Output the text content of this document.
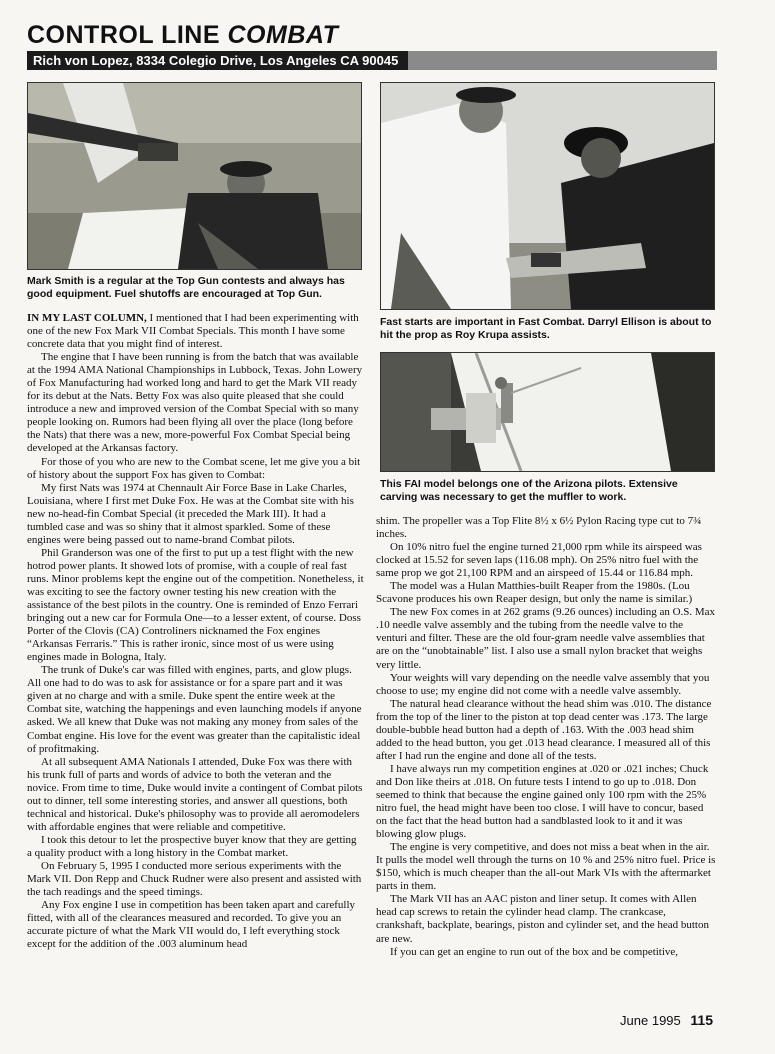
CONTROL LINE COMBAT
Rich von Lopez, 8334 Colegio Drive, Los Angeles CA 90045
Mark Smith is a regular at the Top Gun contests and always has good equipment. Fuel shutoffs are encouraged at Top Gun.
Fast starts are important in Fast Combat. Darryl Ellison is about to hit the prop as Roy Krupa assists.
This FAI model belongs one of the Arizona pilots. Extensive carving was necessary to get the muffler to work.

IN MY LAST COLUMN, I mentioned that I had been experimenting with one of the new Fox Mark VII Combat Specials. This month I have some concrete data that you might find of interest.

The engine that I have been running is from the batch that was available at the 1994 AMA National Championships in Lubbock, Texas. John Lowery of Fox Manufacturing had worked long and hard to get the Mark VII ready for its debut at the Nats. Betty Fox was also quite pleased that she could introduce a new and improved version of the Combat Special with so many people looking on. Rumors had been flying all over the place (long before the Nats) that there was a new, more-powerful Fox Combat Special being developed at the Arkansas factory.

For those of you who are new to the Combat scene, let me give you a bit of history about the support Fox has given to Combat:

My first Nats was 1974 at Chennault Air Force Base in Lake Charles, Louisiana, where I first met Duke Fox. He was at the Combat site with his new no-head-fin Combat Special (it preceded the Mark III). It had a tumbled case and was so shiny that it almost sparkled. Some of these engines were being passed out to name-brand Combat pilots.

Phil Granderson was one of the first to put up a test flight with the new hotrod power plants. It showed lots of promise, with a couple of real fast runs. Minor problems kept the engine out of the competition. Nonetheless, it was exciting to see the factory owner testing his new creation with the assistance of the best pilots in the country. One is reminded of Enzo Ferrari bringing out a new car for Formula One—to a lesser extent, of course. Doss Porter of the Clovis (CA) Controliners nicknamed the Fox engines “Arkansas Ferraris.” This is rather ironic, since most of us were using engines made in Bologna, Italy.

The trunk of Duke's car was filled with engines, parts, and glow plugs. All one had to do was to ask for assistance or for a spare part and it was given at no charge and with a smile. Duke spent the entire week at the Combat site, watching the happenings and even launching models if anyone asked. We all knew that Duke was not making any money from sales of the Combat engine. His love for the event was greater than the capitalistic ideal of profitmaking.

At all subsequent AMA Nationals I attended, Duke Fox was there with his trunk full of parts and words of advice to both the veteran and the novice. From time to time, Duke would invite a contingent of Combat pilots out to dinner, tell some interesting stories, and answer all questions, both technical and historical. Duke's philosophy was to provide all aeromodelers with affordable engines that were reliable and competitive.

I took this detour to let the prospective buyer know that they are getting a quality product with a long history in the Combat market.

On February 5, 1995 I conducted more serious experiments with the Mark VII. Don Repp and Chuck Rudner were also present and assisted with the tach readings and the speed timings.

Any Fox engine I use in competition has been taken apart and carefully fitted, with all of the clearances measured and recorded. To give you an accurate picture of what the Mark VII would do, I left everything stock except for the addition of the .003 aluminum head

shim. The propeller was a Top Flite 8½ x 6½ Pylon Racing type cut to 7¾ inches.

On 10% nitro fuel the engine turned 21,000 rpm while its airspeed was clocked at 15.52 for seven laps (116.08 mph). On 25% nitro fuel with the same prop we got 21,100 RPM and an airspeed of 15.44 or 116.84 mph.

The model was a Hulan Matthies-built Reaper from the 1980s. (Lou Scavone produces his own Reaper design, but only the name is similar.)

The new Fox comes in at 262 grams (9.26 ounces) including an O.S. Max .10 needle valve assembly and the tubing from the needle valve to the venturi and filter. These are the old four-gram needle valve assemblies that are on the “unobtainable” list. I also use a small nylon bracket that weighs very little.

Your weights will vary depending on the needle valve assembly that you choose to use; my engine did not come with a needle valve assembly.

The natural head clearance without the head shim was .010. The distance from the top of the liner to the piston at top dead center was .173. The large double-bubble head button had a depth of .163. With the .003 head shim added to the head button, you get .013 head clearance. I measured all of this after I had run the engine and done all of the tests.

I have always run my competition engines at .020 or .021 inches; Chuck and Don like theirs at .018. On future tests I intend to go up to .018. Don seemed to think that because the engine gained only 100 rpm with the 25% nitro fuel, the head might have been too close. I will have to concur, based on the fact that the head button had a sandblasted look to it and it was blowing glow plugs.

The engine is very competitive, and does not miss a beat when in the air. It pulls the model well through the turns on 10 % and 25% nitro fuel. Price is $150, which is much cheaper than the all-out Mark VIs with the aftermarket parts in them.

The Mark VII has an AAC piston and liner setup. It comes with Allen head cap screws to retain the cylinder head clamp. The crankcase, crankshaft, backplate, bearings, piston and cylinder set, and the head button are new.

If you can get an engine to run out of the box and be competitive,

June 1995 115
